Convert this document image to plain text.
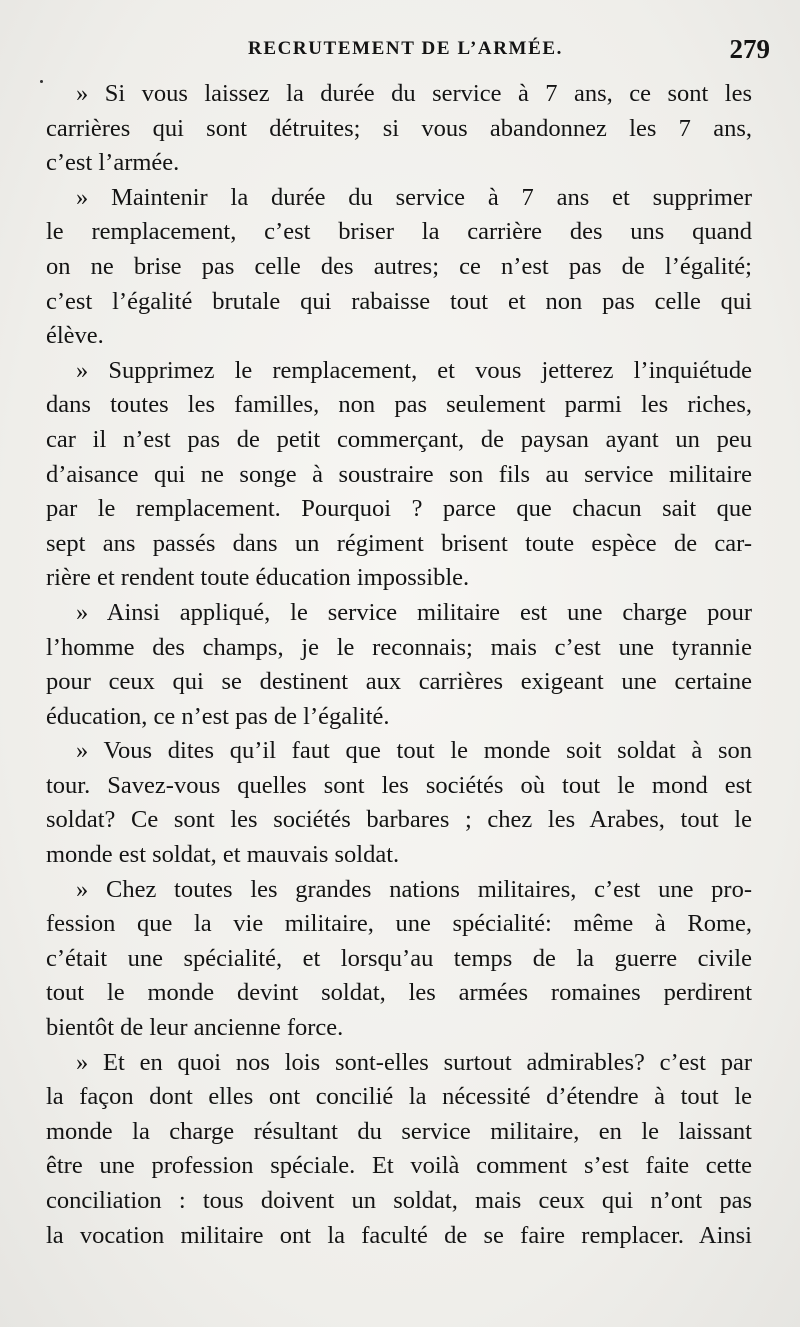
RECRUTEMENT DE L’ARMÉE.	279
» Si vous laissez la durée du service à 7 ans, ce sont les
carrières qui sont détruites; si vous abandonnez les 7 ans,
c’est l’armée.
» Maintenir la durée du service à 7 ans et supprimer
le remplacement, c’est briser la carrière des uns quand
on ne brise pas celle des autres; ce n’est pas de l’égalité;
c’est l’égalité brutale qui rabaisse tout et non pas celle qui
élève.
» Supprimez le remplacement, et vous jetterez l’inquiétude
dans toutes les familles, non pas seulement parmi les riches,
car il n’est pas de petit commerçant, de paysan ayant un peu
d’aisance qui ne songe à soustraire son fils au service militaire
par le remplacement. Pourquoi ? parce que chacun sait que
sept ans passés dans un régiment brisent toute espèce de car-
rière et rendent toute éducation impossible.
» Ainsi appliqué, le service militaire est une charge pour
l’homme des champs, je le reconnais; mais c’est une tyrannie
pour ceux qui se destinent aux carrières exigeant une certaine
éducation, ce n’est pas de l’égalité.
» Vous dites qu’il faut que tout le monde soit soldat à son
tour. Savez-vous quelles sont les sociétés où tout le mond est
soldat? Ce sont les sociétés barbares ; chez les Arabes, tout le
monde est soldat, et mauvais soldat.
» Chez toutes les grandes nations militaires, c’est une pro-
fession que la vie militaire, une spécialité: même à Rome,
c’était une spécialité, et lorsqu’au temps de la guerre civile
tout le monde devint soldat, les armées romaines perdirent
bientôt de leur ancienne force.
» Et en quoi nos lois sont-elles surtout admirables? c’est par
la façon dont elles ont concilié la nécessité d’étendre à tout le
monde la charge résultant du service militaire, en le laissant
être une profession spéciale. Et voilà comment s’est faite cette
conciliation : tous doivent un soldat, mais ceux qui n’ont pas
la vocation militaire ont la faculté de se faire remplacer. Ainsi
